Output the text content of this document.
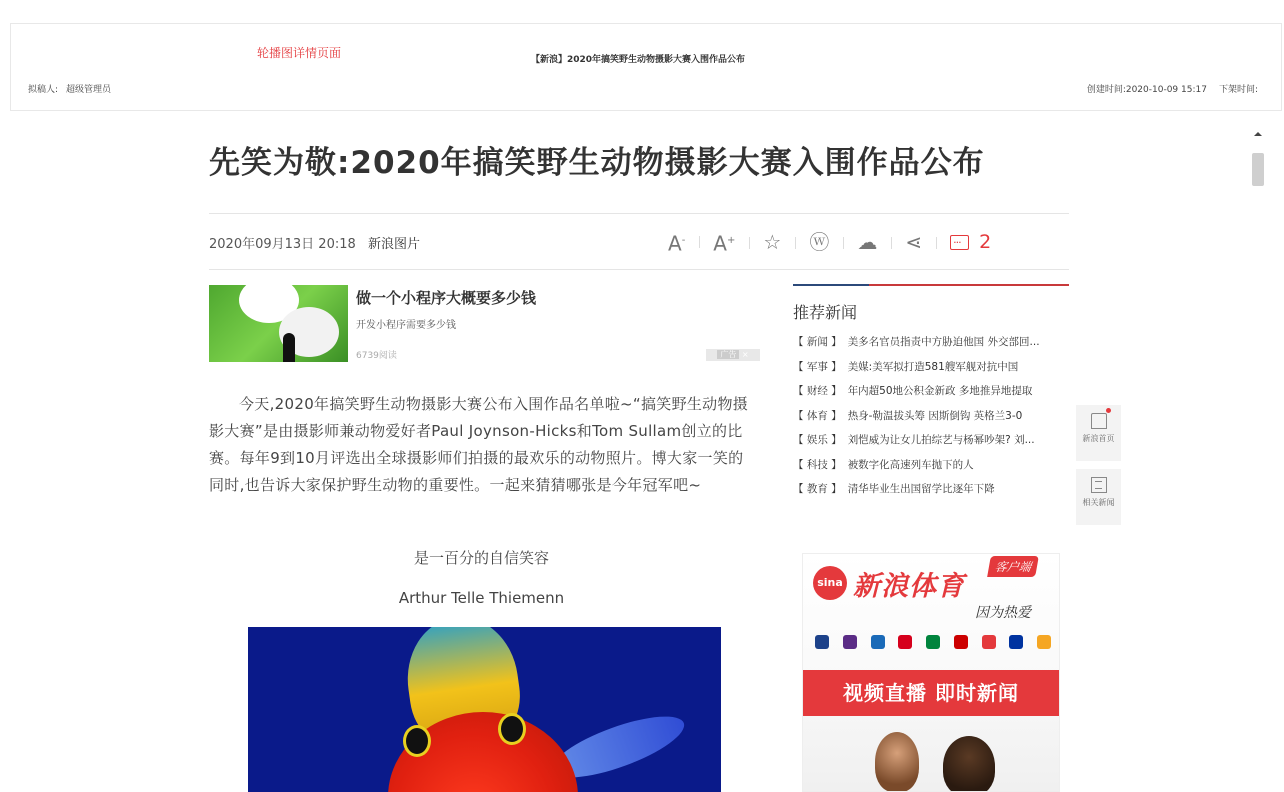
轮播图详情页面	【新浪】2020年搞笑野生动物摄影大赛入围作品公布
拟稿人: 超级管理员	创建时间:2020-10-09 15:17 下架时间:
先笑为敬:2020年搞笑野生动物摄影大赛入围作品公布
2020年09月13日 20:18 新浪图片	A-	A+	☆	ⓦ	☁	⋖
···	2
做一个小程序大概要多少钱
开发小程序需要多少钱
6739阅读	广告 ×
今天,2020年搞笑野生动物摄影大赛公布入围作品名单啦~“搞笑野生动物摄影大赛”是由摄影师兼动物爱好者Paul Joynson-Hicks和Tom Sullam创立的比赛。每年9到10月评选出全球摄影师们拍摄的最欢乐的动物照片。博大家一笑的同时,也告诉大家保护野生动物的重要性。一起来猜猜哪张是今年冠军吧~
是一百分的自信笑容
Arthur Telle Thiemenn
推荐新闻
【 新闻 】 美多名官员指责中方胁迫他国 外交部回...
【 军事 】 美媒:美军拟打造581艘军舰对抗中国
【 财经 】 年内超50地公积金新政 多地推异地提取
【 体育 】 热身-勒温拔头筹 因斯倒钩 英格兰3-0
【 娱乐 】 刘恺威为让女儿拍综艺与杨幂吵架? 刘...
【 科技 】 被数字化高速列车抛下的人
【 教育 】 清华毕业生出国留学比逐年下降
sina 新浪体育
客户端
因为热爱
视频直播 即时新闻
新浪首页
相关新闻
